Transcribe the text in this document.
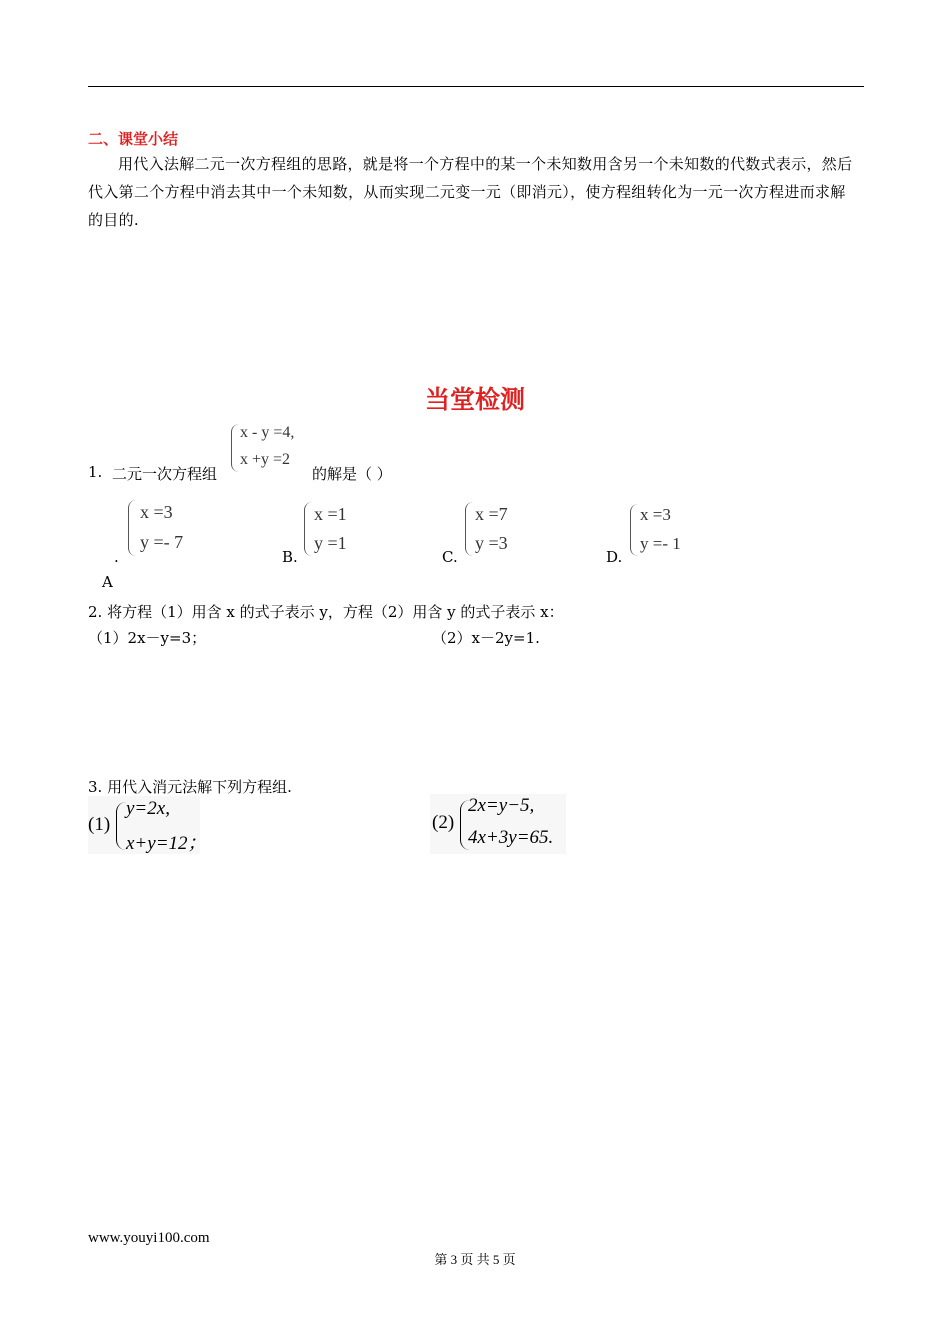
二、课堂小结
用代入法解二元一次方程组的思路，就是将一个方程中的某一个未知数用含另一个未知数的代数式表示，然后代入第二个方程中消去其中一个未知数，从而实现二元变一元（即消元），使方程组转化为一元一次方程进而求解的目的.
当堂检测
1. 二元一次方程组
x - y =4,
x +y =2
的解是（ ）
.
A
x =3
y =- 7
B.
x =1
y =1
C.
x =7
y =3
D.
x =3
y =- 1
2. 将方程（1）用含 x 的式子表示 y，方程（2）用含 y 的式子表示 x：
（1）2x－y=3；	（2）x－2y=1.
3. 用代入消元法解下列方程组.
(1)
y=2x,
x+y=12；
(2)
2x=y−5,
4x+3y=65.
www.youyi100.com
第 3 页 共 5 页
